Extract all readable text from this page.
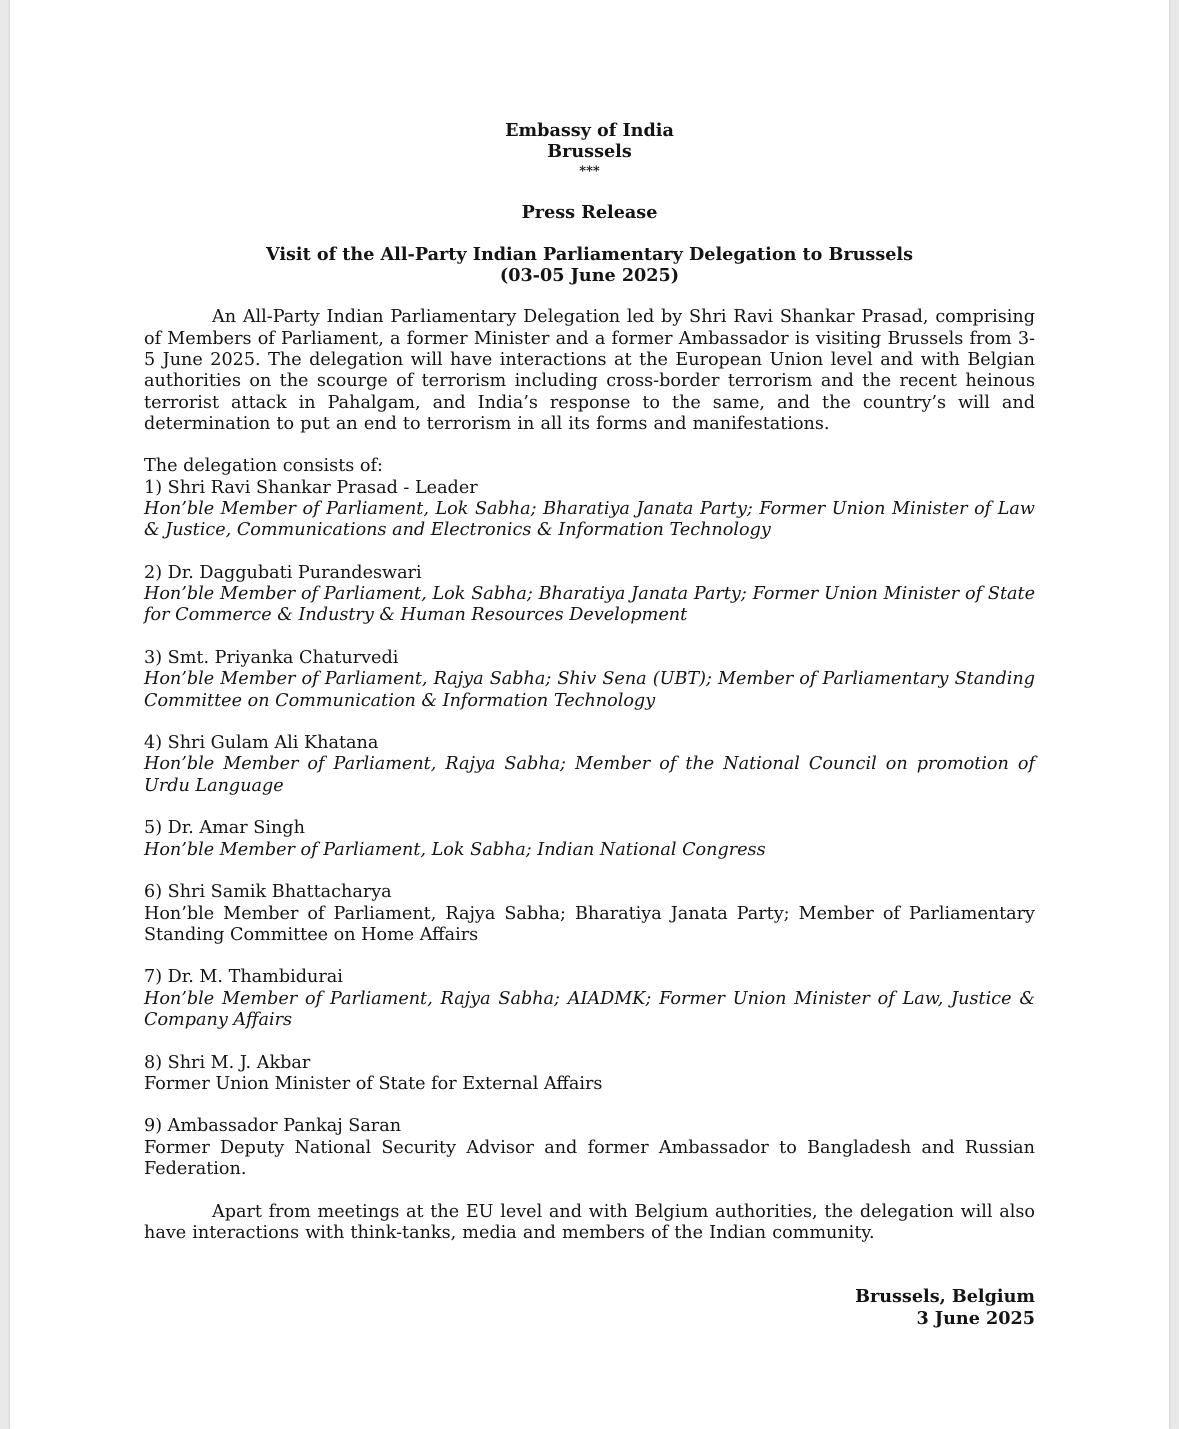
Embassy of India
Brussels
***
Press Release
Visit of the All-Party Indian Parliamentary Delegation to Brussels
(03-05 June 2025)

An All-Party Indian Parliamentary Delegation led by Shri Ravi Shankar Prasad, comprising of Members of Parliament, a former Minister and a former Ambassador is visiting Brussels from 3-5 June 2025. The delegation will have interactions at the European Union level and with Belgian authorities on the scourge of terrorism including cross-border terrorism and the recent heinous terrorist attack in Pahalgam, and India’s response to the same, and the country’s will and determination to put an end to terrorism in all its forms and manifestations.

The delegation consists of:

1) Shri Ravi Shankar Prasad - Leader
Hon’ble Member of Parliament, Lok Sabha; Bharatiya Janata Party; Former Union Minister of Law & Justice, Communications and Electronics & Information Technology
2) Dr. Daggubati Purandeswari
Hon’ble Member of Parliament, Lok Sabha; Bharatiya Janata Party; Former Union Minister of State for Commerce & Industry & Human Resources Development
3) Smt. Priyanka Chaturvedi
Hon’ble Member of Parliament, Rajya Sabha; Shiv Sena (UBT); Member of Parliamentary Standing Committee on Communication & Information Technology
4) Shri Gulam Ali Khatana
Hon’ble Member of Parliament, Rajya Sabha; Member of the National Council on promotion of Urdu Language
5) Dr. Amar Singh
Hon’ble Member of Parliament, Lok Sabha; Indian National Congress
6) Shri Samik Bhattacharya
Hon’ble Member of Parliament, Rajya Sabha; Bharatiya Janata Party; Member of Parliamentary Standing Committee on Home Affairs
7) Dr. M. Thambidurai
Hon’ble Member of Parliament, Rajya Sabha; AIADMK; Former Union Minister of Law, Justice & Company Affairs
8) Shri M. J. Akbar
Former Union Minister of State for External Affairs
9) Ambassador Pankaj Saran
Former Deputy National Security Advisor and former Ambassador to Bangladesh and Russian Federation.

Apart from meetings at the EU level and with Belgium authorities, the delegation will also have interactions with think-tanks, media and members of the Indian community.

Brussels, Belgium
3 June 2025
